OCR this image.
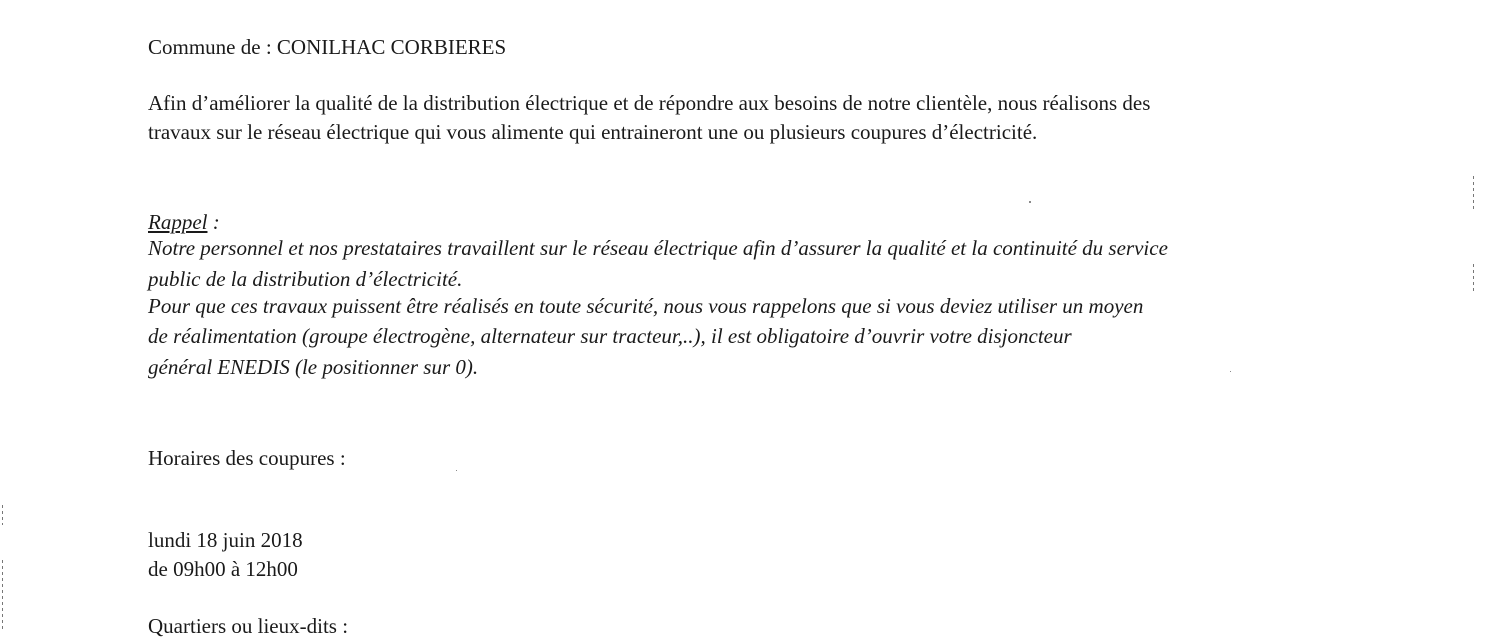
Commune de : CONILHAC CORBIERES
Afin d’améliorer la qualité de la distribution électrique et de répondre aux besoins de notre clientèle, nous réalisons des
travaux sur le réseau électrique qui vous alimente qui entraineront une ou plusieurs coupures d’électricité.
Rappel :
Notre personnel et nos prestataires travaillent sur le réseau électrique afin d’assurer la qualité et la continuité du service
public de la distribution d’électricité.
Pour que ces travaux puissent être réalisés en toute sécurité, nous vous rappelons que si vous deviez utiliser un moyen
de réalimentation (groupe électrogène, alternateur sur tracteur,..), il est obligatoire d’ouvrir votre disjoncteur
général ENEDIS (le positionner sur 0).
Horaires des coupures :
lundi 18 juin 2018
de 09h00 à 12h00
Quartiers ou lieux-dits :
